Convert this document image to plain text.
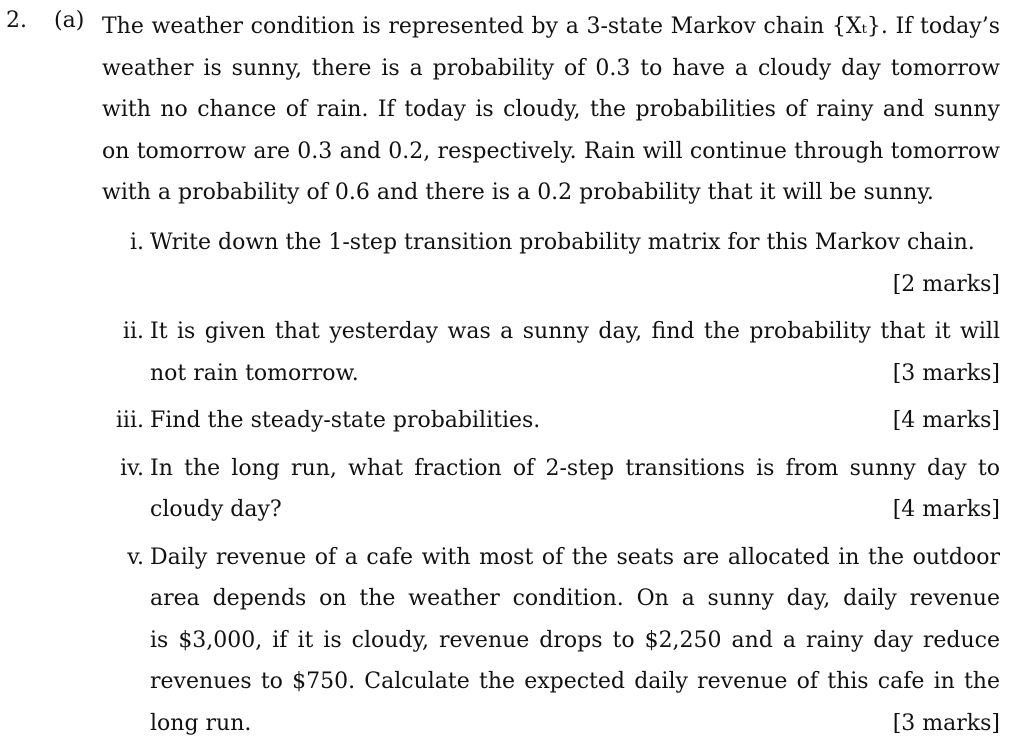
2. (a) The weather condition is represented by a 3-state Markov chain {Xₜ}. If today’s
weather is sunny, there is a probability of 0.3 to have a cloudy day tomorrow
with no chance of rain. If today is cloudy, the probabilities of rainy and sunny
on tomorrow are 0.3 and 0.2, respectively. Rain will continue through tomorrow
with a probability of 0.6 and there is a 0.2 probability that it will be sunny.
i. Write down the 1-step transition probability matrix for this Markov chain.
[2 marks]
ii. It is given that yesterday was a sunny day, find the probability that it will
not rain tomorrow.	[3 marks]
iii. Find the steady-state probabilities.	[4 marks]
iv. In the long run, what fraction of 2-step transitions is from sunny day to
cloudy day?	[4 marks]
v. Daily revenue of a cafe with most of the seats are allocated in the outdoor
area depends on the weather condition. On a sunny day, daily revenue
is $3,000, if it is cloudy, revenue drops to $2,250 and a rainy day reduce
revenues to $750. Calculate the expected daily revenue of this cafe in the
long run.	[3 marks]
